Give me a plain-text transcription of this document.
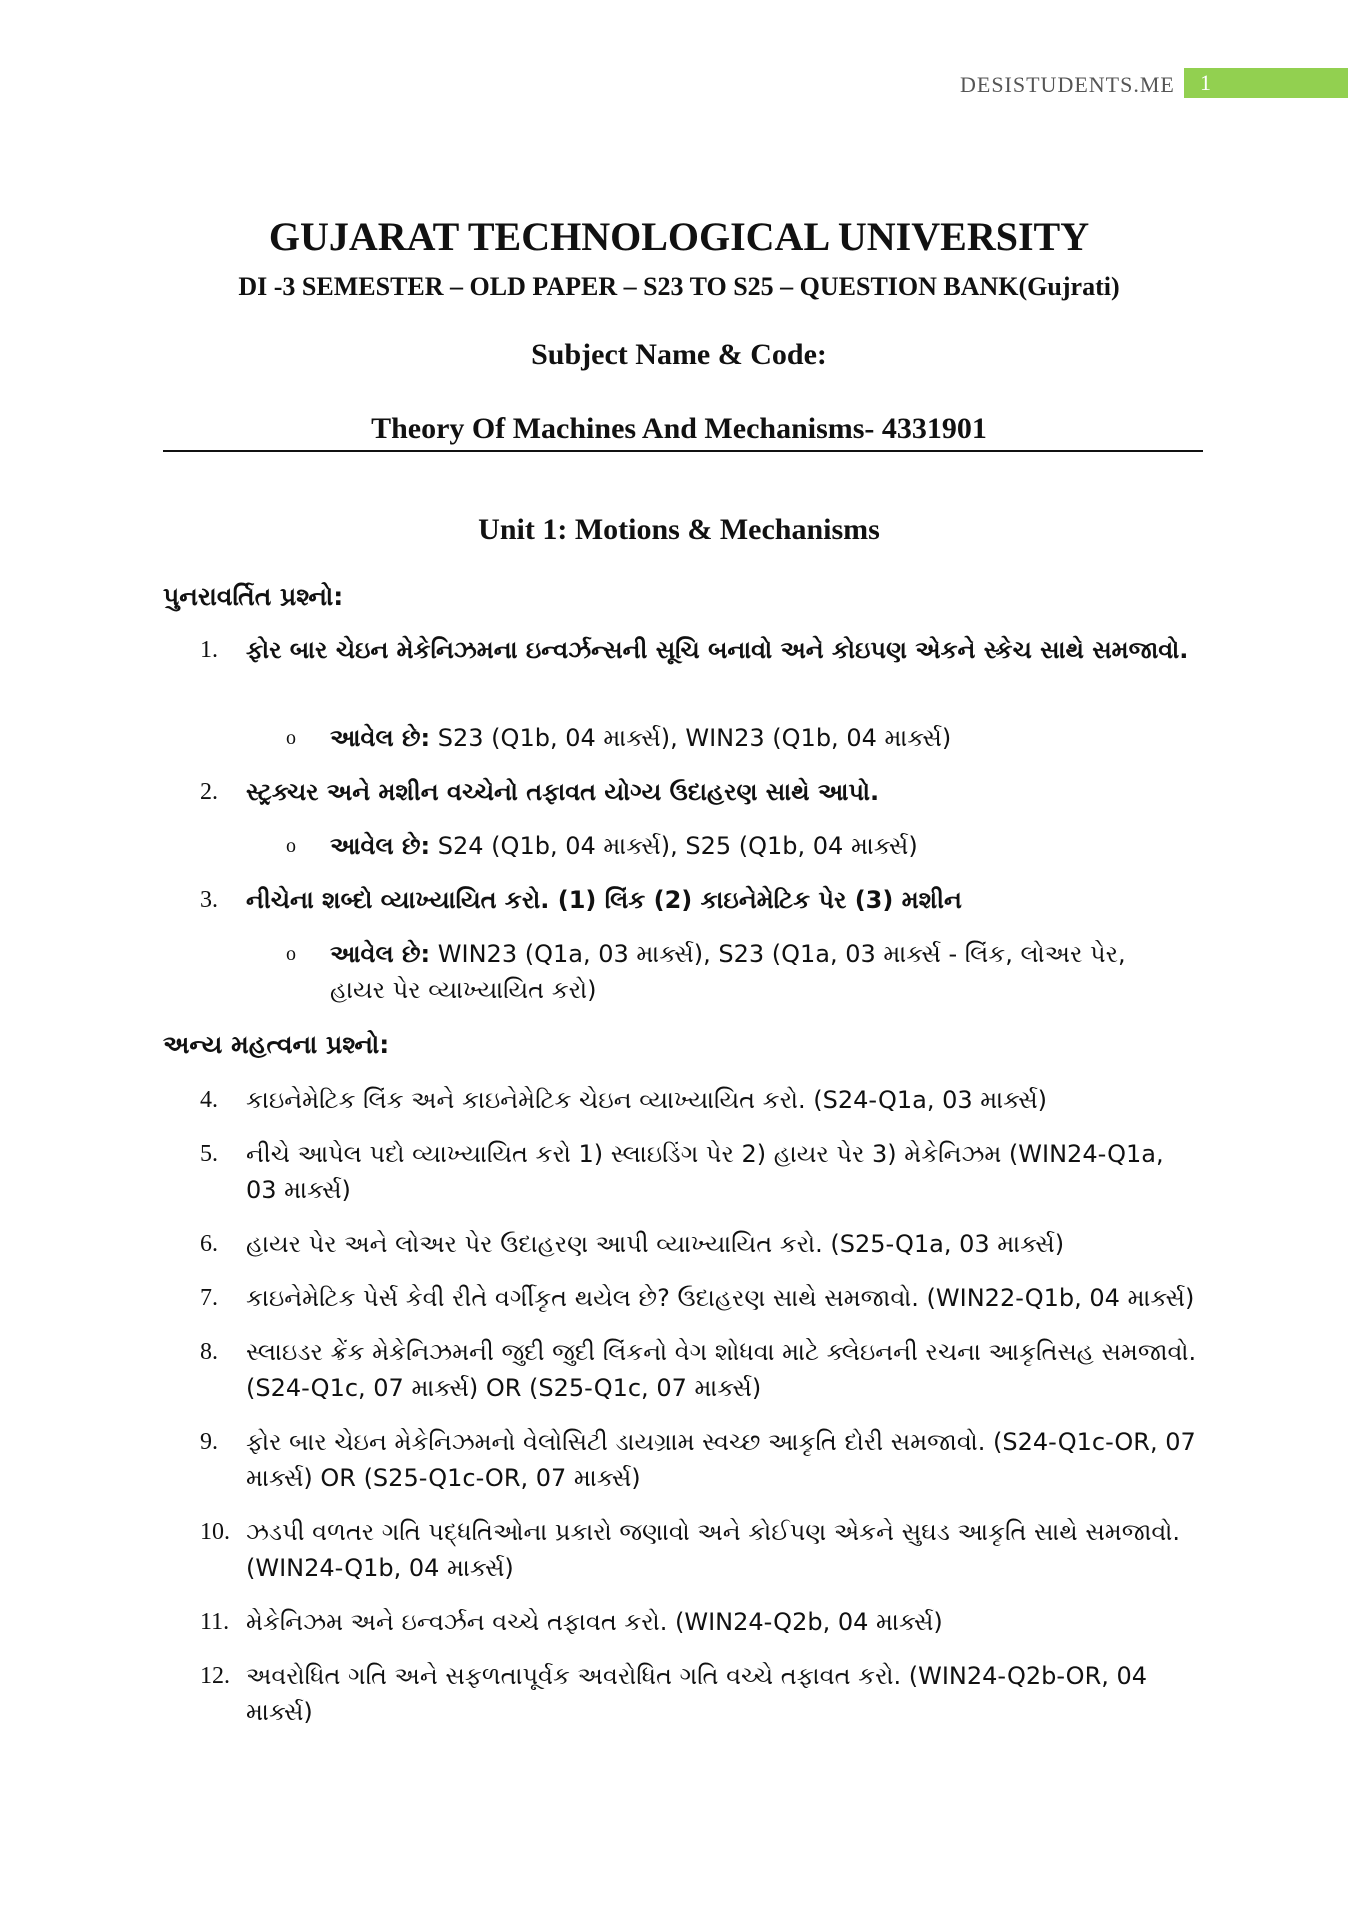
DESISTUDENTS.ME	1
GUJARAT TECHNOLOGICAL UNIVERSITY
DI -3 SEMESTER – OLD PAPER – S23 TO S25 – QUESTION BANK(Gujrati)
Subject Name & Code:
Theory Of Machines And Mechanisms- 4331901
Unit 1: Motions & Mechanisms
પુનરાવર્તિત પ્રશ્નો:
1.	ફોર બાર ચેઇન મેકેનિઝમના ઇન્વર્ઝન્સની સૂચિ બનાવો અને કોઇપણ એકને સ્કેચ સાથે સમજાવો.
o આવેલ છે: S23 (Q1b, 04 માર્ક્સ), WIN23 (Q1b, 04 માર્ક્સ)
2.	સ્ટ્રક્ચર અને મશીન વચ્ચેનો તફાવત યોગ્ય ઉદાહરણ સાથે આપો.
o આવેલ છે: S24 (Q1b, 04 માર્ક્સ), S25 (Q1b, 04 માર્ક્સ)
3.	નીચેના શબ્દો વ્યાખ્યાયિત કરો. (1) લિંક (2) કાઇનેમેટિક પેર (3) મશીન
o આવેલ છે: WIN23 (Q1a, 03 માર્ક્સ), S23 (Q1a, 03 માર્ક્સ - લિંક, લોઅર પેર, હાયર પેર વ્યાખ્યાયિત કરો)
અન્ય મહત્વના પ્રશ્નો:
4.	કાઇનેમેટિક લિંક અને કાઇનેમેટિક ચેઇન વ્યાખ્યાયિત કરો. (S24-Q1a, 03 માર્ક્સ)
5.	નીચે આપેલ પદો વ્યાખ્યાયિત કરો 1) સ્લાઇડિંગ પેર 2) હાયર પેર 3) મેકેનિઝમ (WIN24-Q1a, 03 માર્ક્સ)
6.	હાયર પેર અને લોઅર પેર ઉદાહરણ આપી વ્યાખ્યાયિત કરો. (S25-Q1a, 03 માર્ક્સ)
7.	કાઇનેમેટિક પેર્સ કેવી રીતે વર્ગીકૃત થયેલ છે? ઉદાહરણ સાથે સમજાવો. (WIN22-Q1b, 04 માર્ક્સ)
8.	સ્લાઇડર ક્રેંક મેકેનિઝમની જુદી જુદી લિંકનો વેગ શોધવા માટે ક્લેઇનની રચના આકૃતિસહ સમજાવો. (S24-Q1c, 07 માર્ક્સ) OR (S25-Q1c, 07 માર્ક્સ)
9.	ફોર બાર ચેઇન મેકેનિઝમનો વેલોસિટી ડાયગ્રામ સ્વચ્છ આકૃતિ દોરી સમજાવો. (S24-Q1c-OR, 07 માર્ક્સ) OR (S25-Q1c-OR, 07 માર્ક્સ)
10. ઝડપી વળતર ગતિ પદ્ધતિઓના પ્રકારો જણાવો અને કોઈપણ એકને સુઘડ આકૃતિ સાથે સમજાવો. (WIN24-Q1b, 04 માર્ક્સ)
11. મેકેનિઝમ અને ઇન્વર્ઝન વચ્ચે તફાવત કરો. (WIN24-Q2b, 04 માર્ક્સ)
12. અવરોધિત ગતિ અને સફળતાપૂર્વક અવરોધિત ગતિ વચ્ચે તફાવત કરો. (WIN24-Q2b-OR, 04 માર્ક્સ)
